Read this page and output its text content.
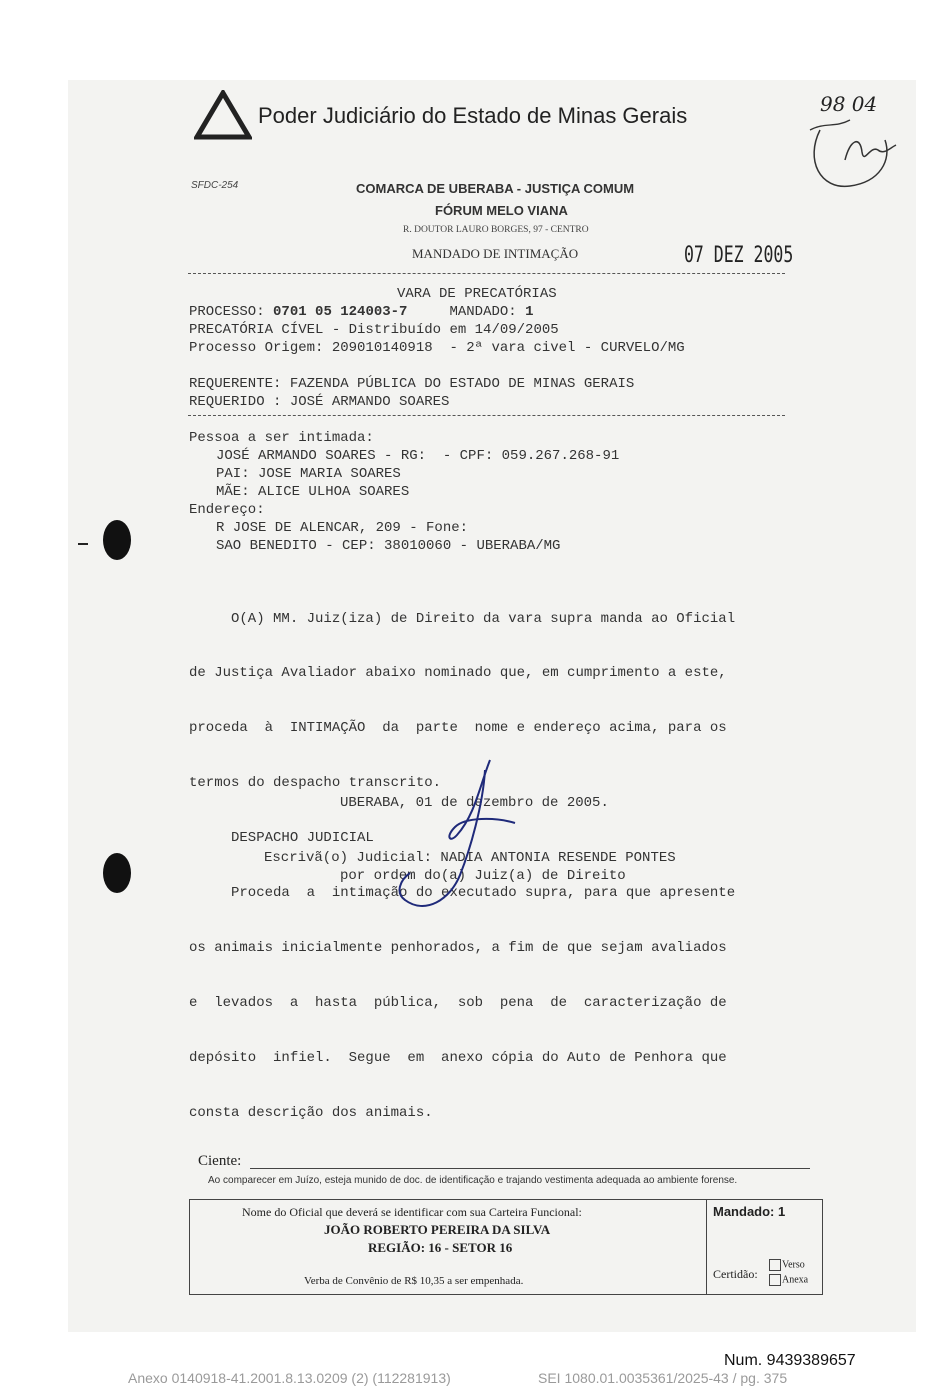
Poder Judiciário do Estado de Minas Gerais	98 04
SFDC-254	COMARCA DE UBERABA - JUSTIÇA COMUM
FÓRUM MELO VIANA
R. DOUTOR LAURO BORGES, 97 - CENTRO
MANDADO DE INTIMAÇÃO	07 DEZ 2005
VARA DE PRECATÓRIAS
PROCESSO: 0701 05 124003-7	MANDADO: 1
PRECATÓRIA CÍVEL - Distribuído em 14/09/2005
Processo Origem: 209010140918  - 2ª vara civel - CURVELO/MG
REQUERENTE: FAZENDA PÚBLICA DO ESTADO DE MINAS GERAIS
REQUERIDO : JOSÉ ARMANDO SOARES
Pessoa a ser intimada:
JOSÉ ARMANDO SOARES - RG:  - CPF: 059.267.268-91
PAI: JOSE MARIA SOARES
MÃE: ALICE ULHOA SOARES
Endereço:
R JOSE DE ALENCAR, 209 - Fone:
SAO BENEDITO - CEP: 38010060 - UBERABA/MG

O(A) MM. Juiz(iza) de Direito da vara supra manda ao Oficial

de Justiça Avaliador abaixo nominado que, em cumprimento a este,

proceda  à  INTIMAÇÃO  da  parte  nome e endereço acima, para os

termos do despacho transcrito.

DESPACHO JUDICIAL

Proceda  a  intimação do executado supra, para que apresente

os animais inicialmente penhorados, a fim de que sejam avaliados

e  levados  a  hasta  pública,  sob  pena  de  caracterização de

depósito  infiel.  Segue  em  anexo cópia do Auto de Penhora que

consta descrição dos animais.

UBERABA, 01 de dezembro de 2005.
Escrivã(o) Judicial: NADIA ANTONIA RESENDE PONTES
por ordem do(a) Juiz(a) de Direito
Ciente:
Ao comparecer em Juízo, esteja munido de doc. de identificação e trajando vestimenta adequada ao ambiente forense.
Nome do Oficial que deverá se identificar com sua Carteira Funcional:
JOÃO ROBERTO PEREIRA DA SILVA
REGIÃO: 16 - SETOR 16
Verba de Convênio de R$ 10,35 a ser empenhada.
Mandado: 1
Certidão:
Verso
Anexa
Num. 9439389657
Anexo 0140918-41.2001.8.13.0209 (2) (112281913)	SEI 1080.01.0035361/2025-43 / pg. 375
